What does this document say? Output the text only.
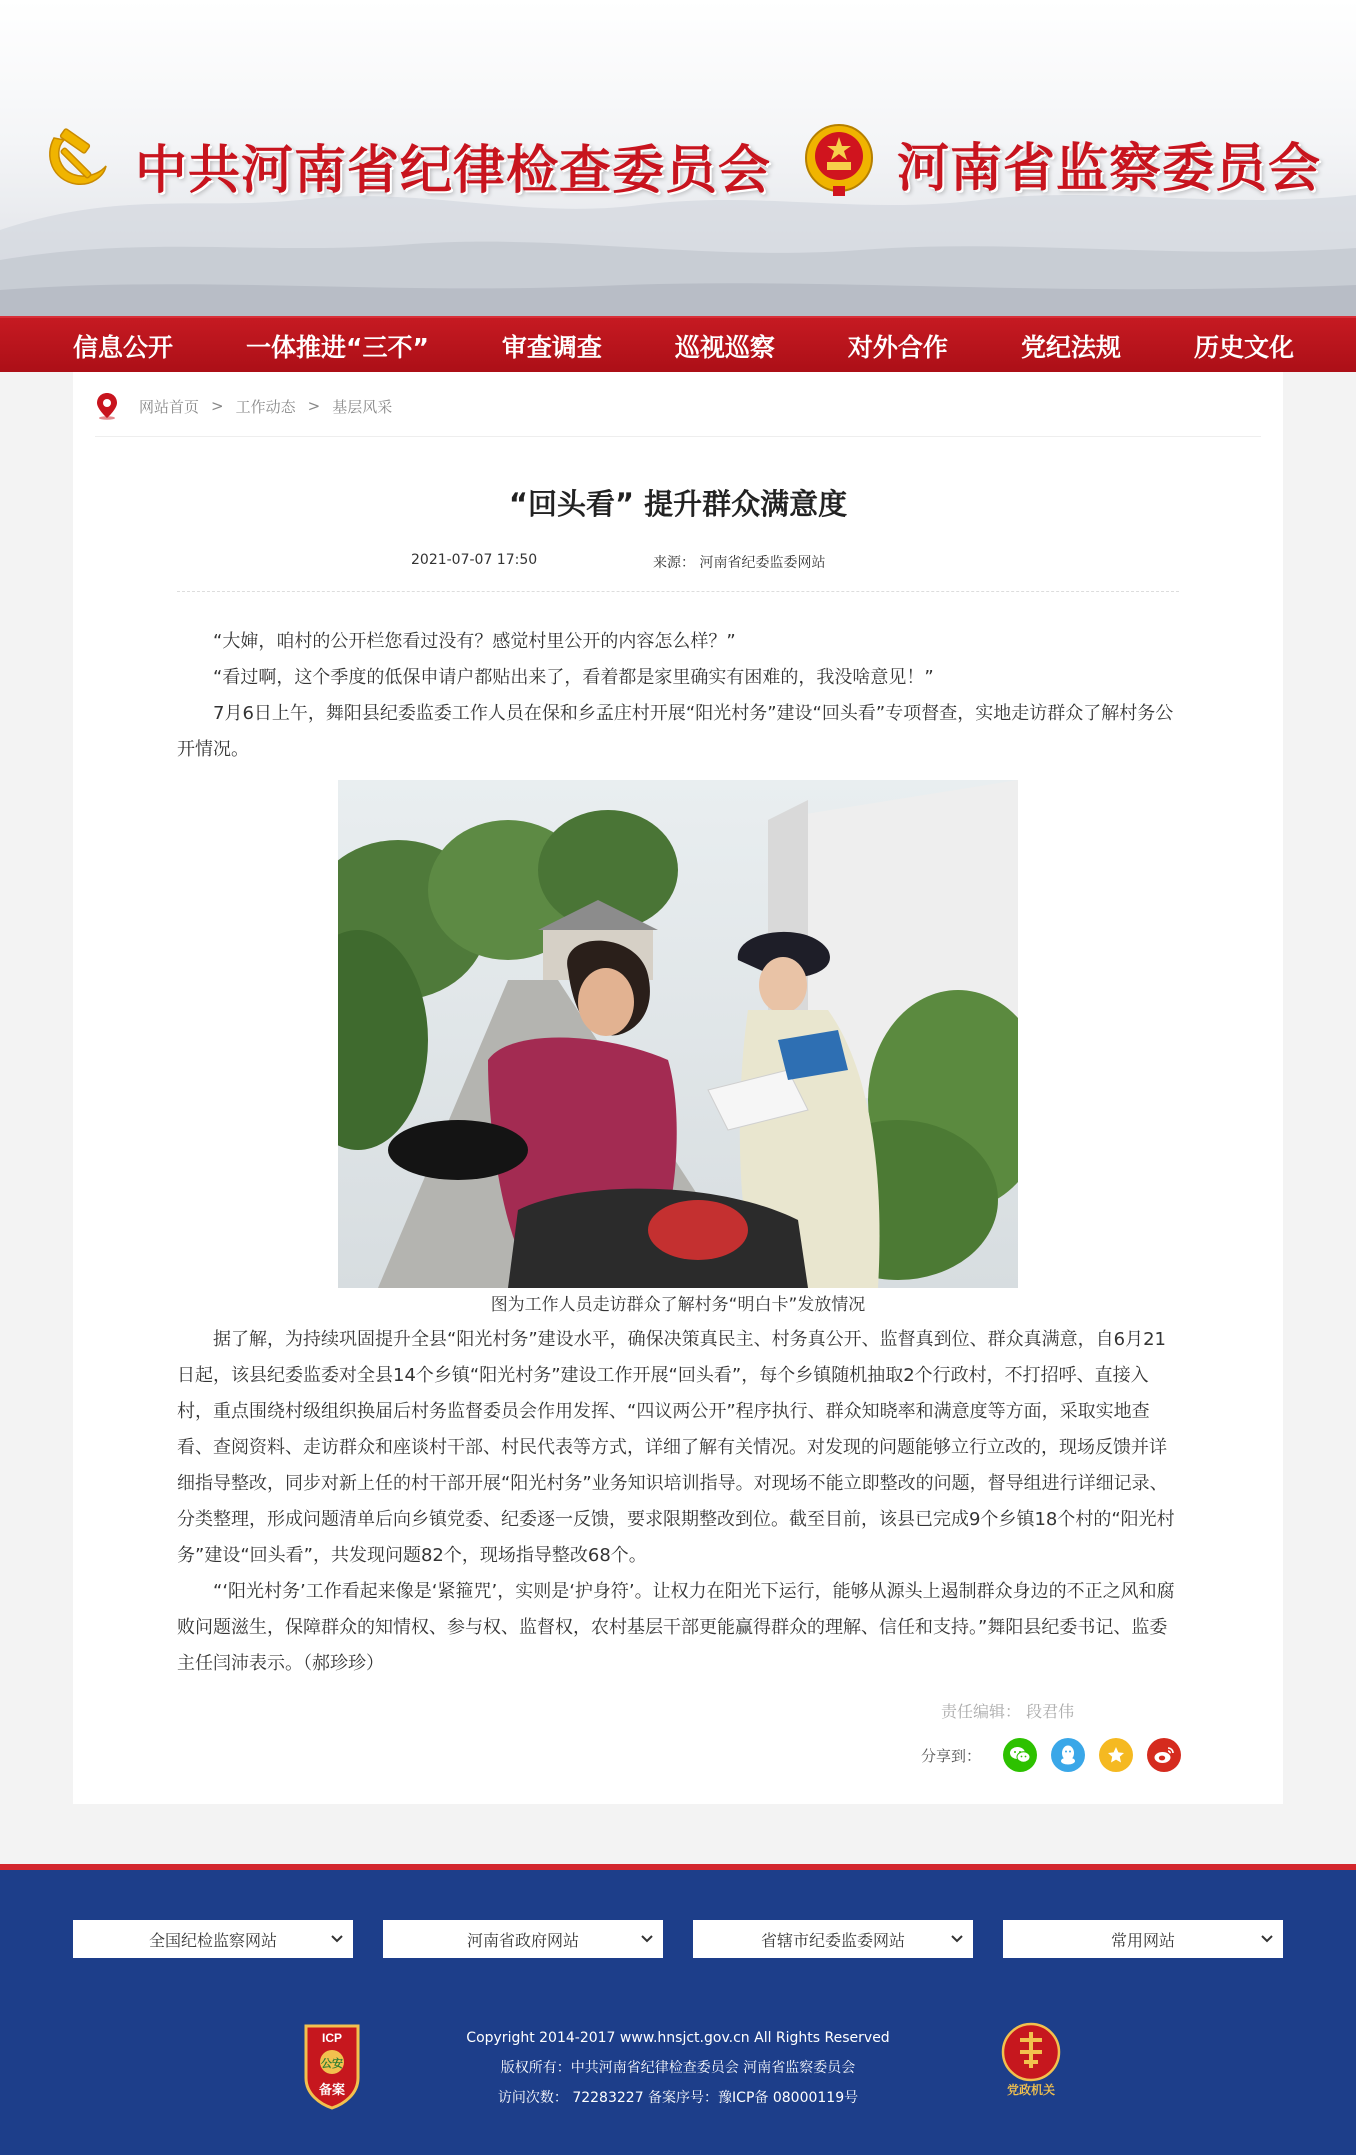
中共河南省纪律检查委员会 河南省监察委员会
信息公开	一体推进“三不”	审查调查	巡视巡察	对外合作	党纪法规	历史文化
网站首页 > 工作动态 > 基层风采
“回头看” 提升群众满意度
2021-07-07 17:50	来源： 河南省纪委监委网站

“大婶，咱村的公开栏您看过没有？感觉村里公开的内容怎么样？”

“看过啊，这个季度的低保申请户都贴出来了，看着都是家里确实有困难的，我没啥意见！”

7月6日上午，舞阳县纪委监委工作人员在保和乡孟庄村开展“阳光村务”建设“回头看”专项督查，实地走访群众了解村务公开情况。

图为工作人员走访群众了解村务“明白卡”发放情况

据了解，为持续巩固提升全县“阳光村务”建设水平，确保决策真民主、村务真公开、监督真到位、群众真满意，自6月21日起，该县纪委监委对全县14个乡镇“阳光村务”建设工作开展“回头看”，每个乡镇随机抽取2个行政村，不打招呼、直接入村，重点围绕村级组织换届后村务监督委员会作用发挥、“四议两公开”程序执行、群众知晓率和满意度等方面，采取实地查看、查阅资料、走访群众和座谈村干部、村民代表等方式，详细了解有关情况。对发现的问题能够立行立改的，现场反馈并详细指导整改，同步对新上任的村干部开展“阳光村务”业务知识培训指导。对现场不能立即整改的问题，督导组进行详细记录、分类整理，形成问题清单后向乡镇党委、纪委逐一反馈，要求限期整改到位。截至目前，该县已完成9个乡镇18个村的“阳光村务”建设“回头看”，共发现问题82个，现场指导整改68个。

“‘阳光村务’工作看起来像是‘紧箍咒’，实则是‘护身符’。让权力在阳光下运行，能够从源头上遏制群众身边的不正之风和腐败问题滋生，保障群众的知情权、参与权、监督权，农村基层干部更能赢得群众的理解、信任和支持。”舞阳县纪委书记、监委主任闫沛表示。（郝珍珍）

责任编辑： 段君伟
分享到：
全国纪检监察网站	河南省政府网站	省辖市纪委监委网站	常用网站
ICP
公安
备案
Copyright 2014-2017 www.hnsjct.gov.cn All Rights Reserved
版权所有：中共河南省纪律检查委员会 河南省监察委员会
访问次数： 72283227 备案序号：豫ICP备 08000119号	党政机关
